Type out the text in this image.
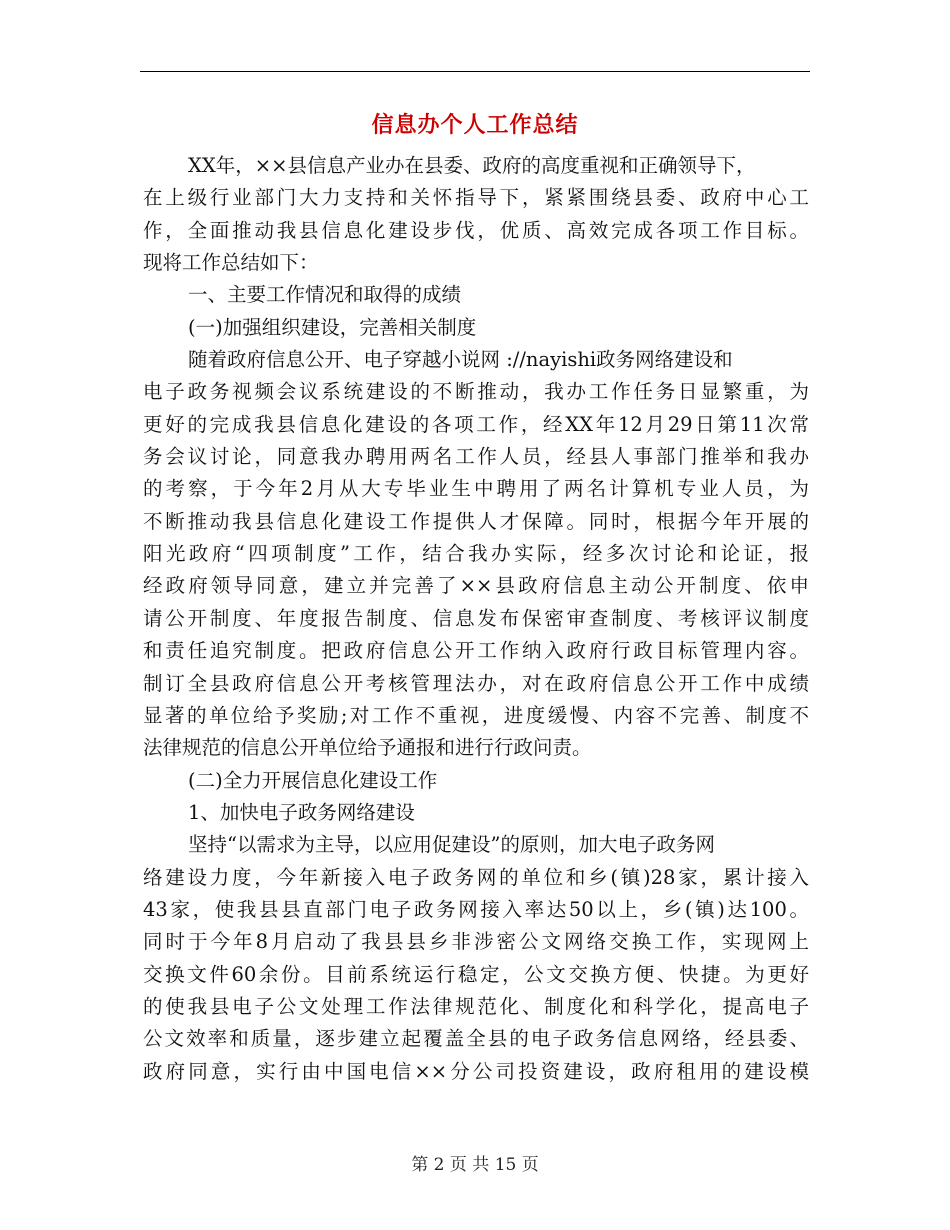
信息办个人工作总结
XX年，××县信息产业办在县委、政府的高度重视和正确领导下，
在上级行业部门大力支持和关怀指导下，紧紧围绕县委、政府中心工
作，全面推动我县信息化建设步伐，优质、高效完成各项工作目标。
现将工作总结如下：
一、主要工作情况和取得的成绩
(一)加强组织建设，完善相关制度
随着政府信息公开、电子穿越小说网 ://nayishi政务网络建设和
电子政务视频会议系统建设的不断推动，我办工作任务日显繁重，为
更好的完成我县信息化建设的各项工作，经XX年12月29日第11次常
务会议讨论，同意我办聘用两名工作人员，经县人事部门推举和我办
的考察，于今年2月从大专毕业生中聘用了两名计算机专业人员，为
不断推动我县信息化建设工作提供人才保障。同时，根据今年开展的
阳光政府“四项制度”工作，结合我办实际，经多次讨论和论证，报
经政府领导同意，建立并完善了××县政府信息主动公开制度、依申
请公开制度、年度报告制度、信息发布保密审查制度、考核评议制度
和责任追究制度。把政府信息公开工作纳入政府行政目标管理内容。
制订全县政府信息公开考核管理法办，对在政府信息公开工作中成绩
显著的单位给予奖励;对工作不重视，进度缓慢、内容不完善、制度不
法律规范的信息公开单位给予通报和进行行政问责。
(二)全力开展信息化建设工作
1、加快电子政务网络建设
坚持“以需求为主导，以应用促建设”的原则，加大电子政务网
络建设力度，今年新接入电子政务网的单位和乡(镇)28家，累计接入
43家，使我县县直部门电子政务网接入率达50以上，乡(镇)达100。
同时于今年8月启动了我县县乡非涉密公文网络交换工作，实现网上
交换文件60余份。目前系统运行稳定，公文交换方便、快捷。为更好
的使我县电子公文处理工作法律规范化、制度化和科学化，提高电子
公文效率和质量，逐步建立起覆盖全县的电子政务信息网络，经县委、
政府同意，实行由中国电信××分公司投资建设，政府租用的建设模
第 2 页 共 15 页
